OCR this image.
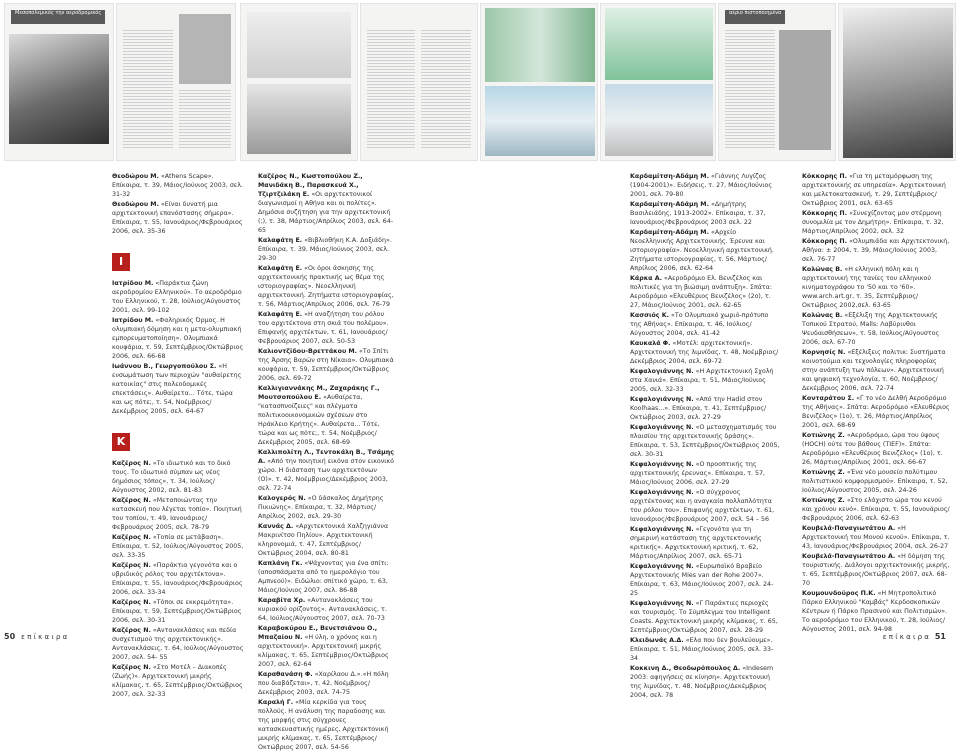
Μεσοπολεμικός την αεροδρομικός	αέριο πιστοποιημένα
Θεοδώρου Μ. «Athens Scape». Επίκαιρα, τ. 39, Μάιος/Ιούνιος 2003, σελ. 31-32
Θεοδώρου Μ. «Είναι δυνατή μια αρχιτεκτονική επανόστασης σήμερα». Επίκαιρα, τ. 55, Ιανουάριος/Φεβρουάριος 2006, σελ. 35-36
Ι
Ιατρίδου Μ. «Παράκτια ζώνη αεροδρομίου Ελληνικού». Το αεροδρόμιο του Ελληνικού, τ. 28, Ιούλιος/Αύγουστος 2001, σελ. 99-102
Ιατρίδου Μ. «Φαληρικός Όρμος. Η ολυμπιακή δόμηση και η μετα-ολυμπιακή εμπορευματοποίηση». Ολυμπιακά κουφάρια, τ. 59, Σεπτέμβριος/Οκτώβριος 2006, σελ. 66-68
Ιωάννου Β., Γεωργοπούλου Σ. «Η ενσωμάτωση των περιοχών "αυθαίρετης κατοικίας" στις πολεοδομικές επεκτάσεις». Αυθαίρετα... Τότε, τώρα και ως πότε;, τ. 54, Νοέμβριος/Δεκέμβριος 2005, σελ. 64-67
Κ
Καζέρος Ν. «Το ιδιωτικό και το δικό τους. Το ιδιωτικό σύμπαν ως νέος δημόσιος τόπος», τ. 34, Ιούλιος/Αύγουστος 2002, σελ. 81-83
Καζέρος Ν. «Μεταποιώντας την κατασκευή που λέγεται τοπίο». Ποιητική του τοπίου, τ. 49, Ιανουάριος/Φεβρουάριος 2005, σελ. 78-79
Καζέρος Ν. «Τοπία σε μετάβαση». Επίκαιρα, τ. 52, Ιούλιος/Αύγουστος 2005, σελ. 33-35
Καζέρος Ν. «Παράκτια γεγονότα και ο υβριδικός ρόλος του αρχιτέκτονα». Επίκαιρα, τ. 55, Ιανουάριος/Φεβρουάριος 2006, σελ. 33-34
Καζέρος Ν. «Τόποι σε εκκρεμότητα». Επίκαιρα, τ. 59, Σεπτέμβριος/Οκτώβριος 2006, σελ. 30-31
Καζέρος Ν. «Αντανακλάσεις και πεδία συσχετισμού της αρχιτεκτονικής». Αντανακλάσεις, τ. 64, Ιούλιος/Αύγουστος 2007, σελ. 54- 55
Καζέρος Ν. «Στο Μοτέλ – Διακοπές (Ζωής)». Αρχιτεκτονική μικρής κλίμακας, τ. 65, Σεπτέμβριος/Οκτώβριος 2007, σελ. 32-33
Καζέρος Ν., Κωστοπούλου Ζ., Μανιδάκη Β., Παρασκευά Χ., Τζιρτζιλάκη Ε. «Οι αρχιτεκτονικοί διαγωνισμοί η Αθήνα και οι πολίτες». Δημόσια συζήτηση για την αρχιτεκτονική (;), τ. 38, Μάρτιος/Απρίλιος 2003, σελ. 64-65
Καλαφάτη Ε. «Βιβλιοθήκη Κ.Α. Δοξιάδη». Επίκαιρα, τ. 39, Μάιος/Ιούνιος 2003, σελ. 29-30
Καλαφάτη Ε. «Οι όροι άσκησης της αρχιτεκτονικής πρακτικής ως θέμα της ιστοριογραφίας». Νεοελληνική αρχιτεκτονική. Ζητήματα ιστοριογραφίας, τ. 56, Μάρτιος/Απρίλιος 2006, σελ. 76-79
Καλαφάτη Ε. «Η αναζήτηση του ρόλου του αρχιτέκτονα στη σκιά του πολέμου». Επιφανής αρχιτέκτων, τ. 61, Ιανουάριος/Φεβρουάριος 2007, σελ. 50-53
Καλιοντζίδου-Βρεττάκου Μ. «Το Σπίτι της Άρσης Βαρών στη Νίκαια». Ολυμπιακά κουφάρια, τ. 59, Σεπτέμβριος/Οκτώβριος 2006, σελ. 69-72
Καλλιγιαννάκης Μ., Ζαχαράκης Γ., Μουτσοπούλου Ε. «Αυθαίρετα, "κατασπνοίζειες" και πλέγματα πολιτικοοικονομικών σχέσεων στο Ηράκλειο Κρήτης». Αυθαίρετα... Τότε, τώρα και ως πότε;, τ. 54, Νοέμβριος/Δεκέμβριος 2005, σελ. 68-69
Καλλιπολίτη Λ., Τεντοκάλη Β., Τσάμης Α. «Από την ποιητική εικόνα στον εικονικό χώρο. Η διάσταση των αρχιτεκτόνων (Ο)». τ. 42, Νοέμβριος/Δεκέμβριος 2003, σελ. 72-74
Καλογερός Ν. «Ο δάσκαλος Δημήτρης Πικιώνης». Επίκαιρα, τ. 32, Μάρτιος/Απρίλιος 2002, σελ. 29-30
Καννάς Δ. «Αρχιτεκτονικά Χαλζηγιάννα Μακρινίτσο Πηλίου». Αρχιτεκτονική κληρονομιά, τ. 47, Σεπτέμβριος/Οκτώβριος 2004, σελ. 80-81
Καπλάνη Γκ. «Ψάχνοντας για ένα σπίτι: (αποσπάσματα από το ημερολόγιο του Αμπνεού)». Ειδώλιο: σπίτικό χώρο, τ. 63, Μάιος/Ιούνιος 2007, σελ. 86-88
Καραβίτα Χρ. «Αντανακλάσεις του κυριακού ορίζοντος». Αντανακλάσεις, τ. 64, Ιούλιος/Αύγουστος 2007, σελ. 70-73
Καραβοκύρου Ε., Βενετσιάνου Ο., Μπαζαίου Ν. «Η ύλη, ο χρόνος και η αρχιτεκτονική». Αρχιτεκτονική μικρής κλίμακας, τ. 65, Σεπτέμβριος/Οκτώβριος 2007, σελ. 62-64
Καραθανάση Φ. «Χαρίλαου Δ.».«Η πόλη που διαβάζεται», τ. 42, Νοέμβριος/Δεκέμβριος 2003, σελ. 74-75
Καραλή Γ. «Μία κερκίδα για τους πολλούς. Η ανάλυση της παραδοσης και της μορφής στις σύγχρονες κατασκευαστικής ημέρες, Αρχιτεκτονική μικρής κλίμακας, τ. 65, Σεπτέμβριος/Οκτώβριος 2007, σελ. 54-56
50 ε π ί κ α ι ρ α
Καρδαμίτση-Αδάμη Μ. «Γιάννης Λυγίζος (1904-2001)». Ειδήσεις, τ. 27, Μάιος/Ιούνιος 2001, σελ. 79-80
Καρδαμίτση-Αδάμη Μ. «Δημήτρης Βασιλειάδης, 1913-2002». Επίκαιρα, τ. 37, Ιανουάριος/Φεβρουάριος 2003 σελ. 22
Καρδαμίτση-Αδάμη Μ. «Αρχείο Νεοελληνικής Αρχιτεκτονικής. Έρευνα και ιστοριογραφία». Νεοελληνική αρχιτεκτονική. Ζητήματα ιστοριογραφίας, τ. 56, Μάρτιος/Απρίλιος 2006, σελ. 62-64
Κάρκα Α. «Αεροδρόμιο Ελ. Βενιζέλος και πολιτικές για τη βιώσιμη ανάπτυξη». Σπάτα: Αεροδρόμιο «Ελευθέριος Βενιζέλος» (2ο), τ. 27, Μάιος/Ιούνιος 2001, σελ. 62-65
Κασσιός Κ. «Το Ολυμπιακό χωριό-πρότυπο της Αθήνας». Επίκαιρα, τ. 46, Ιούλιος/Αύγουστος 2004, σελ. 41-42
Καυκαλά Φ. «Μοτέλ: αρχιτεκτονική». Αρχιτεκτονική της λιμνίδας, τ. 48, Νοέμβριος/Δεκέμβριος 2004, σελ. 69-72
Κεφαλογιάννης Ν. «Η Αρχιτεκτονική Σχολή στα Χανιά». Επίκαιρα, τ. 51, Μάιος/Ιούνιος 2005, σελ. 32-33
Κεφαλογιάννης Ν. «Από την Hadid στον Koolhaas...». Επίκαιρα, τ. 41, Σεπτέμβριος/Οκτώβριος 2003, σελ. 27-29
Κεφαλογιάννης Ν. «Ο μετασχηματισμός του πλαισίου της αρχιτεκτονικής δράσης». Επίκαιρα, τ. 53, Σεπτέμβριος/Οκτώβριος 2005, σελ. 30-31
Κεφαλογιάννης Ν. «Ο προοπτικής της αρχιτεκτονικής έρευνας». Επίκαιρα, τ. 57, Μάιος/Ιούνιος 2006, σελ. 27-29
Κεφαλογιάννης Ν. «Ο σύγχρονος αρχιτέκτονας και η αναγκαία πολλαπλότητα του ρόλου του». Επιφανής αρχιτέκτων, τ. 61, Ιανουάριος/Φεβρουάριος 2007, σελ. 54 – 56
Κεφαλογιάννης Ν. «Γεγονότα για τη σημερινή κατάσταση της αρχιτεκτονικής κριτικής». Αρχιτεκτονική κριτική, τ. 62, Μάρτιος/Απρίλιος 2007, σελ. 65-71
Κεφαλογιάννης Ν. «Ευρωπαϊκό Βραβείο Αρχιτεκτονικής Mies van der Rohe 2007». Επίκαιρα, τ. 63, Μάιος/Ιούνιος 2007, σελ. 24-25
Κεφαλογιάννης Ν. «Γ Παράκτιες περιοχές και τουρισμός. Το Σύμπλεγμα του Intelligent Coasts. Αρχιτεκτονική μικρής κλίμακας, τ. 65, Σεπτέμβριος/Οκτώβριος 2007, σελ. 28-29
Κλειδωνάς Α.Δ. «Ελα που δεν βουλεύουμε». Επίκαιρα, τ. 51, Μάιος/Ιούνιος 2005, σελ. 33-34
Κοκκινη Δ., Θεοδωρόπουλος Δ. «Indesem 2003: αφηγήσεις σε κίνηση». Αρχιτεκτονική της λιμνίδας, τ. 48, Νοέμβριος/Δεκέμβριος 2004, σελ. 78
Κόκκορης Π. «Για τη μεταμόρφωση της αρχιτεκτονικής σε υπηρεσία». Αρχιτεκτονική και μελετοκατασκευή, τ. 29, Σεπτέμβριος/Οκτώβριος 2001, σελ. 63-65
Κόκκορης Π. «Συνεχίζοντας μον στέρμονη συνομιλία με τον Δημήτρη». Επίκαιρα, τ. 32, Μάρτιος/Απρίλιος 2002, σελ. 32
Κόκκορης Π. «Ολυμπιάδα και Αρχιτεκτονική, Αθήνα: ± 2004, τ. 39, Μάιος/Ιούνιος 2003, σελ. 76-77
Κολώνας Β. «Η ελληνική πόλη και η αρχιτεκτονική της τανίες του ελληνικού κινηματογράφου το '50 και το '60». www.arch.art.gr, τ. 35, Σεπτέμβριος/Οκτώβριος 2002,σελ. 63-65
Κολώνας Β. «Εξέλιξη της Αρχιτεκτονικής Τοπικού Στρατού, Malls: Λαβύρινθοι Ψευδαισθήσεων», τ. 58, Ιούλιος/Αύγουστος 2006, σελ. 67-70
Κορνησίς Ν. «Εξέλιξεις πολιτικ: Συστήματα κοινοτούμια και τεχνολογίες πληροφορίας στην ανάπτυξη των πόλεων». Αρχιτεκτονική και ψηφιακή τεχνολογία, τ. 60, Νοέμβριος/Δεκέμβριος 2006, σελ. 72-74
Κονταράτου Σ. «Γ το νέο Δελθή Αεροδρόμιο της Αθήνας». Σπάτα: Αεροδρόμιο «Ελευθέριος Βενιζέλος» (1ο), τ. 26, Μάρτιος/Απρίλιος 2001, σελ. 68-69
Κοτιώνης Ζ. «Αεροδρόμιο, ώρα του ύψους (ΗΟCH) ούτε του βάθους (TIEF)». Σπάτα: Αεροδρόμιο «Ελευθέριος Βενιζέλος» (1ο), τ. 26, Μάρτιος/Απρίλιος 2001, σελ. 66-67
Κοτιώνης Ζ. «Ένα νέο μουσείο πολύτιμου πολιτιστικού κομφορμισμού». Επίκαιρα, τ. 52, Ιούλιος/Αύγουστος 2005, σελ. 24-26
Κοτιώνης Ζ. «Στο ελάχιστο ώρα του κενού και χρόνου κενό». Επίκαιρα, τ. 55, Ιανουάριος/Φεβρουάριος 2006, σελ. 62-63
Κουβελά-Παναγιωτάτου Α. «Η Αρχιτεκτονική του Μονού κενού». Επίκαιρα, τ. 43, Ιανουάριος/Φεβρουάριος 2004, σελ. 26-27
Κουβελά-Παναγιωτάτου Α. «Η δόμηση της τουριστικής. Διάλογοι αρχιτεκτονικής μικρής, τ. 65, Σεπτέμβριος/Οκτώβριος 2007, σελ. 68-70
Κουμουνδούρος Π.Κ. «Η Μητροπολιτικό Πάρκο Ελληνικού "Καμβάς" Κερδοσκοπικών Κέντρων ή Πάρκο Πρασινού και Πολιτισμών». Το αεροδρόμιο του Ελληνικού, τ. 28, Ιούλιος/Αύγουστος 2001, σελ. 94-98
ε π ί κ α ι ρ α 51
